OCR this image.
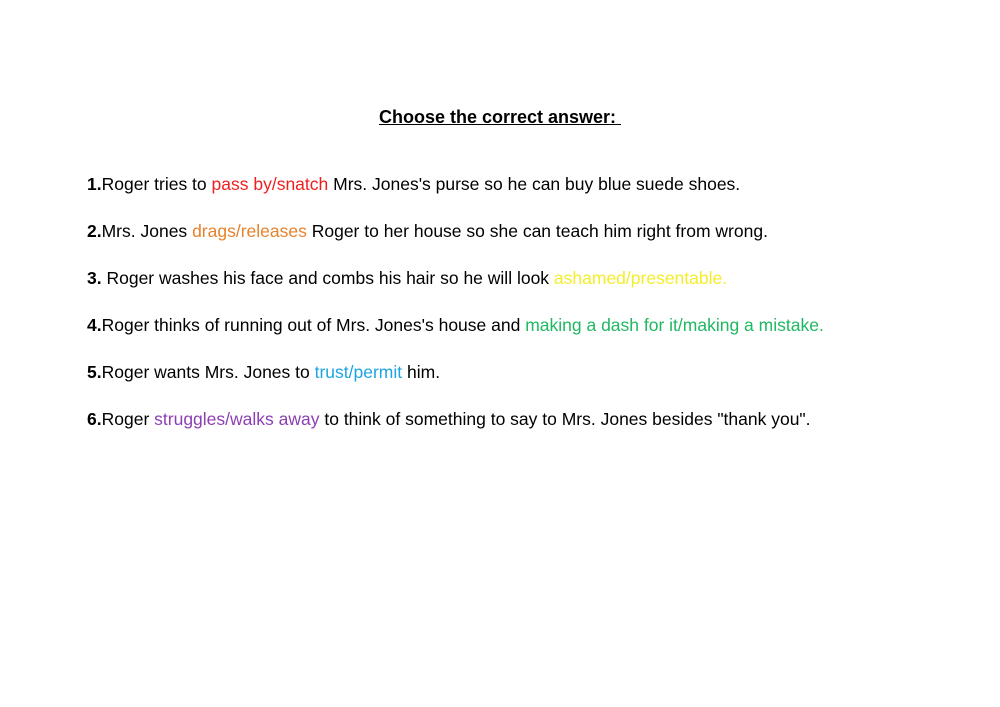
Choose the correct answer:

1.Roger tries to pass by/snatch Mrs. Jones's purse so he can buy blue suede shoes.

2.Mrs. Jones drags/releases Roger to her house so she can teach him right from wrong.

3. Roger washes his face and combs his hair so he will look ashamed/presentable.

4.Roger thinks of running out of Mrs. Jones's house and making a dash for it/making a mistake.

5.Roger wants Mrs. Jones to trust/permit him.

6.Roger struggles/walks away to think of something to say to Mrs. Jones besides "thank you".
